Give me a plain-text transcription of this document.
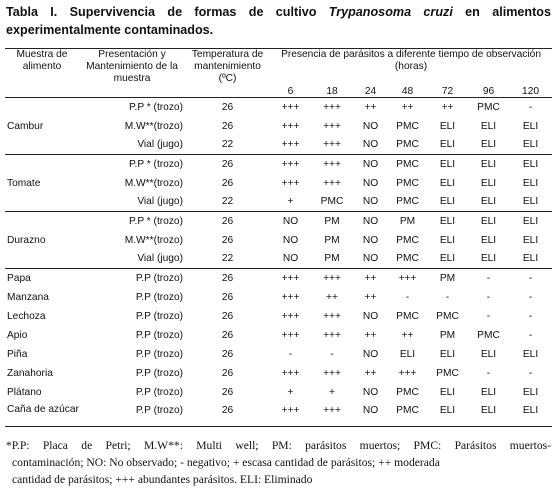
Tabla I. Supervivencia de formas de cultivo Trypanosoma cruzi en alimentos experimentalmente contaminados.
Muestra de alimento	Presentación y Mantenimiento de la muestra	Temperatura de mantenimiento (ºC)	Presencia de parásitos a diferente tiempo de observación (horas)						
			6	18	24	48	72	96	120
Cambur	P.P * (trozo)	26	+++	+++	++	++	++	PMC	-
	M.W**(trozo)	26	+++	+++	NO	PMC	ELI	ELI	ELI
	Vial (jugo)	22	+++	+++	NO	PMC	ELI	ELI	ELI
Tomate	P.P * (trozo)	26	+++	+++	NO	PMC	ELI	ELI	ELI
	M.W**(trozo)	26	+++	+++	NO	PMC	ELI	ELI	ELI
	Vial (jugo)	22	+	PMC	NO	PMC	ELI	ELI	ELI
Durazno	P.P * (trozo)	26	NO	PM	NO	PM	ELI	ELI	ELI
	M.W**(trozo)	26	NO	PM	NO	PMC	ELI	ELI	ELI
	Vial (jugo)	22	NO	PM	NO	PMC	ELI	ELI	ELI
Papa	P.P (trozo)	26	+++	+++	++	+++	PM	-	-
Manzana	P.P (trozo)	26	+++	++	++	-	-	-	-
Lechoza	P.P (trozo)	26	+++	+++	NO	PMC	PMC	-	-
Apio	P.P (trozo)	26	+++	+++	++	++	PM	PMC	-
Piña	P.P (trozo)	26	-	-	NO	ELI	ELI	ELI	ELI
Zanahoria	P.P (trozo)	26	+++	+++	++	+++	PMC	-	-
Plátano	P.P (trozo)	26	+	+	NO	PMC	ELI	ELI	ELI
Caña de azúcar	P.P (trozo)	26	+++	+++	NO	PMC	ELI	ELI	ELI
*P.P: Placa de Petri; M.W**: Multi well; PM: parásitos muertos; PMC: Parásitos muertos-
contaminación; NO: No observado; - negativo; + escasa cantidad de parásitos; ++ moderada
cantidad de parásitos; +++ abundantes parásitos. ELI: Eliminado
